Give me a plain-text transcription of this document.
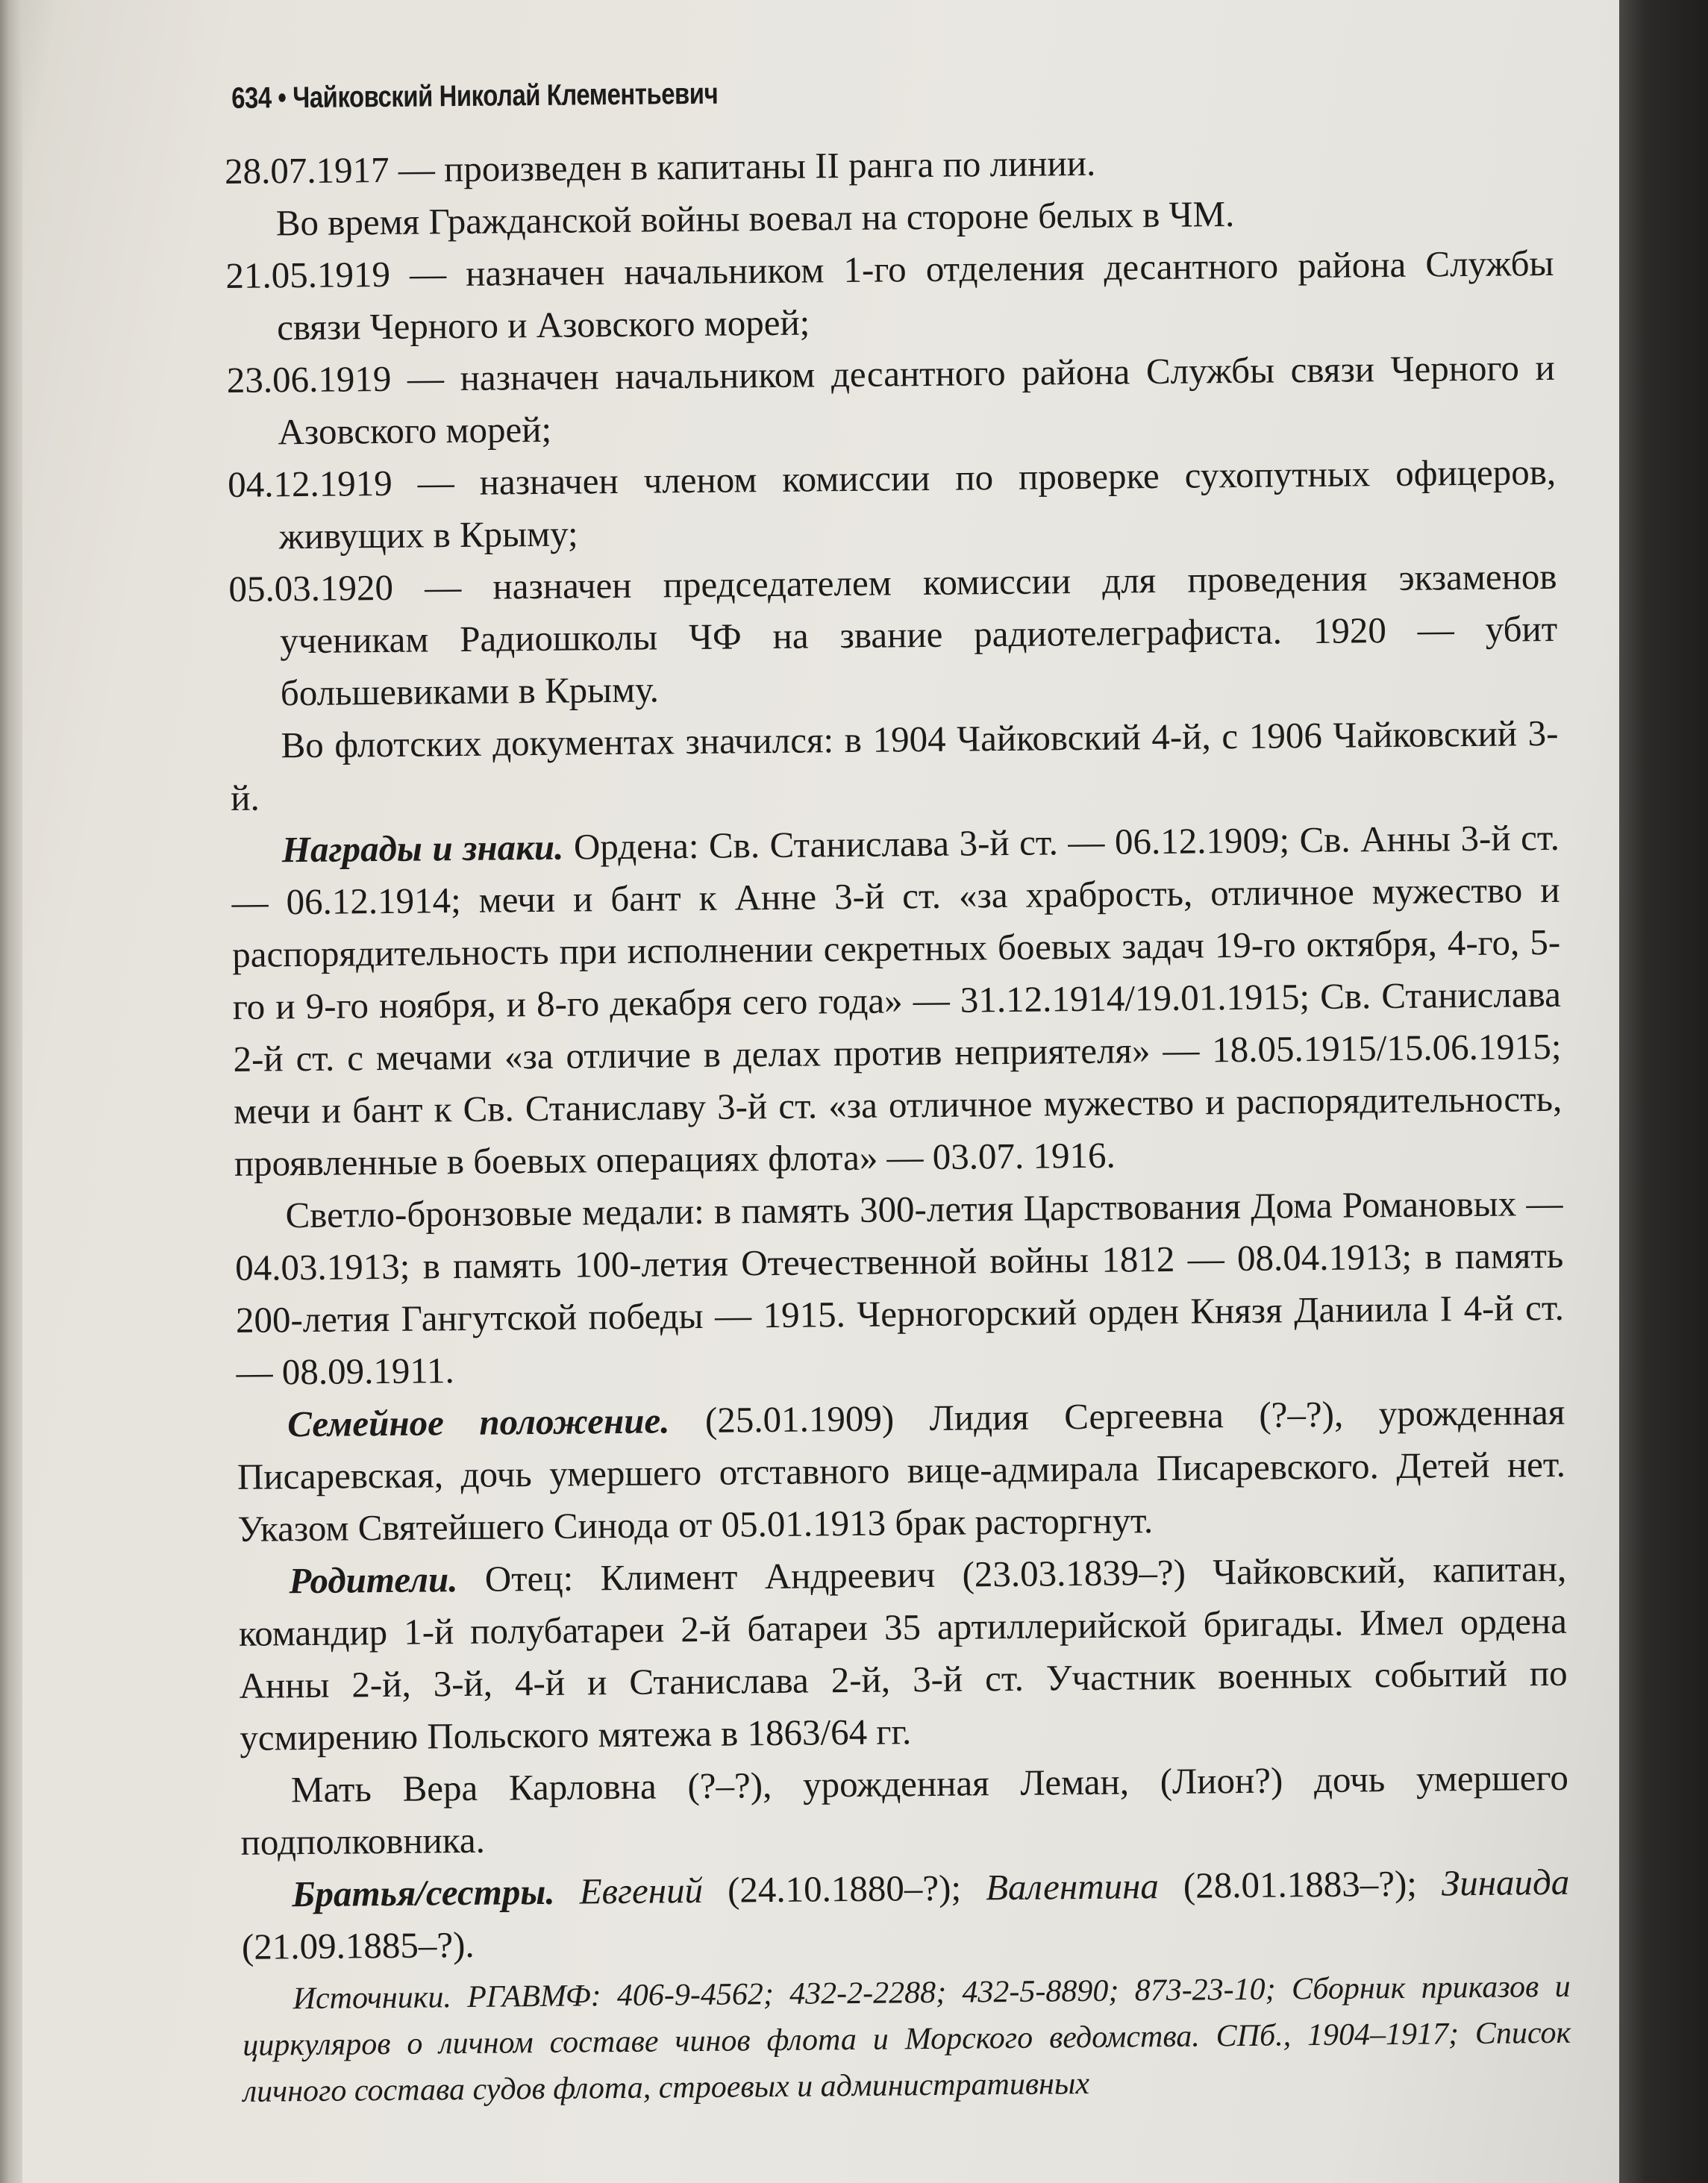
634 • Чайковский Николай Клементьевич

28.07.1917 — произведен в капитаны II ранга по линии.

Во время Гражданской войны воевал на стороне белых в ЧМ.

21.05.1919 — назначен начальником 1-го отделения десантного района Службы связи Черного и Азовского морей;

23.06.1919 — назначен начальником десантного района Службы связи Черного и Азовского морей;

04.12.1919 — назначен членом комиссии по проверке сухопутных офицеров, живущих в Крыму;

05.03.1920 — назначен председателем комиссии для проведения экзаменов ученикам Радиошколы ЧФ на звание радиотелеграфиста. 1920 — убит большевиками в Крыму.

Во флотских документах значился: в 1904 Чайковский 4-й, с 1906 Чайковский 3-й.

Награды и знаки. Ордена: Св. Станислава 3-й ст. — 06.12.1909; Св. Анны 3-й ст. — 06.12.1914; мечи и бант к Анне 3-й ст. «за храбрость, отличное мужество и распорядительность при исполнении секретных боевых задач 19-го октября, 4-го, 5-го и 9-го ноября, и 8-го декабря сего года» — 31.12.1914/19.01.1915; Св. Станислава 2-й ст. с мечами «за отличие в делах против неприятеля» — 18.05.1915/15.06.1915; мечи и бант к Св. Станиславу 3-й ст. «за отличное мужество и распорядительность, проявленные в боевых операциях флота» — 03.07. 1916.

Светло-бронзовые медали: в память 300-летия Царствования Дома Романовых — 04.03.1913; в память 100-летия Отечественной войны 1812 — 08.04.1913; в память 200-летия Гангутской победы — 1915. Черногорский орден Князя Даниила I 4-й ст. — 08.09.1911.

Семейное положение. (25.01.1909) Лидия Сергеевна (?–?), урожденная Писаревская, дочь умершего отставного вице-адмирала Писаревского. Детей нет. Указом Святейшего Синода от 05.01.1913 брак расторгнут.

Родители. Отец: Климент Андреевич (23.03.1839–?) Чайковский, капитан, командир 1-й полубатареи 2-й батареи 35 артиллерийской бригады. Имел ордена Анны 2-й, 3-й, 4-й и Станислава 2-й, 3-й ст. Участник военных событий по усмирению Польского мятежа в 1863/64 гг.

Мать Вера Карловна (?–?), урожденная Леман, (Лион?) дочь умершего подполковника.

Братья/сестры. Евгений (24.10.1880–?); Валентина (28.01.1883–?); Зинаида (21.09.1885–?).

Источники. РГАВМФ: 406-9-4562; 432-2-2288; 432-5-8890; 873-23-10; Сборник приказов и циркуляров о личном составе чинов флота и Морского ведомства. СПб., 1904–1917; Список личного состава судов флота, строевых и административных
